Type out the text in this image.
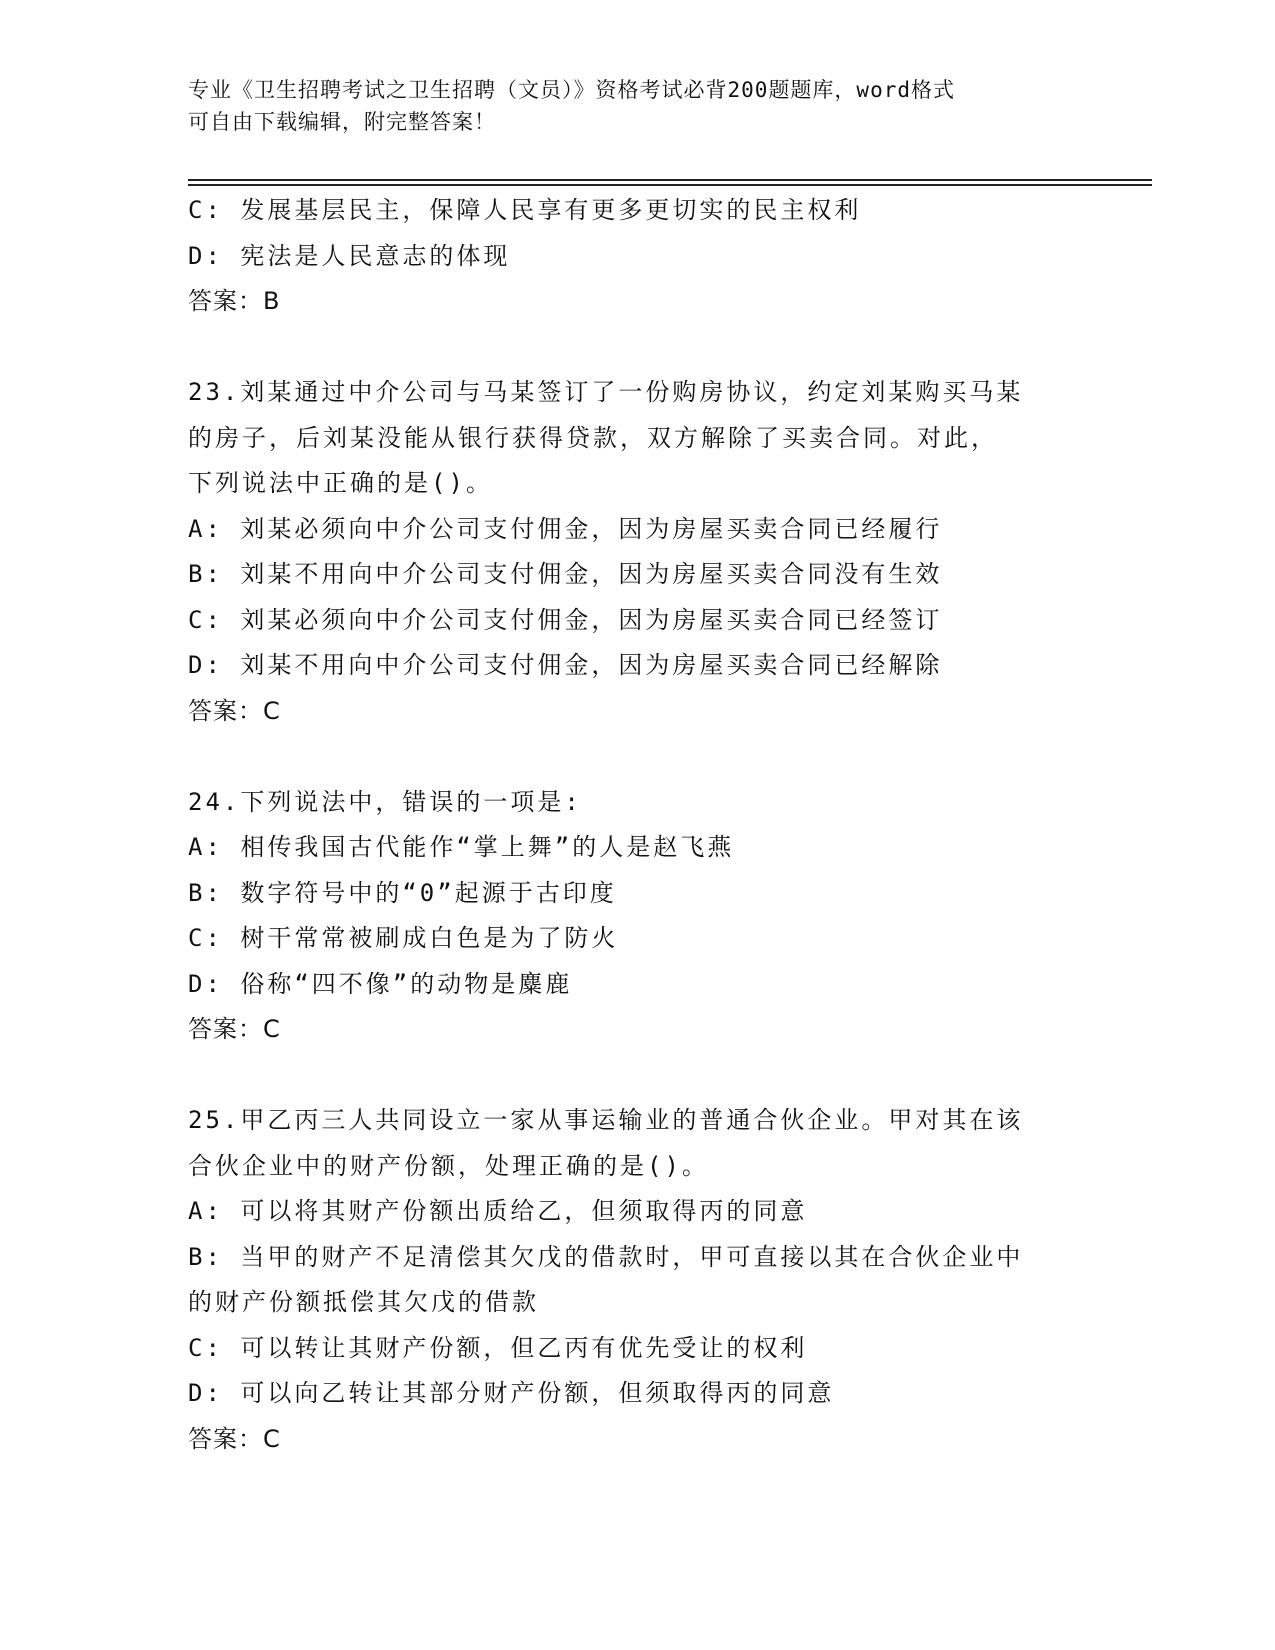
专业《卫生招聘考试之卫生招聘（文员）》资格考试必背200题题库，word格式
可自由下载编辑，附完整答案！
C: 发展基层民主，保障人民享有更多更切实的民主权利
D: 宪法是人民意志的体现
答案：B
23.刘某通过中介公司与马某签订了一份购房协议，约定刘某购买马某
的房子，后刘某没能从银行获得贷款，双方解除了买卖合同。对此，
下列说法中正确的是()。
A: 刘某必须向中介公司支付佣金，因为房屋买卖合同已经履行
B: 刘某不用向中介公司支付佣金，因为房屋买卖合同没有生效
C: 刘某必须向中介公司支付佣金，因为房屋买卖合同已经签订
D: 刘某不用向中介公司支付佣金，因为房屋买卖合同已经解除
答案：C
24.下列说法中，错误的一项是:
A: 相传我国古代能作“掌上舞”的人是赵飞燕
B: 数字符号中的“0”起源于古印度
C: 树干常常被刷成白色是为了防火
D: 俗称“四不像”的动物是麋鹿
答案：C
25.甲乙丙三人共同设立一家从事运输业的普通合伙企业。甲对其在该
合伙企业中的财产份额，处理正确的是()。
A: 可以将其财产份额出质给乙，但须取得丙的同意
B: 当甲的财产不足清偿其欠戊的借款时，甲可直接以其在合伙企业中
的财产份额抵偿其欠戊的借款
C: 可以转让其财产份额，但乙丙有优先受让的权利
D: 可以向乙转让其部分财产份额，但须取得丙的同意
答案：C
